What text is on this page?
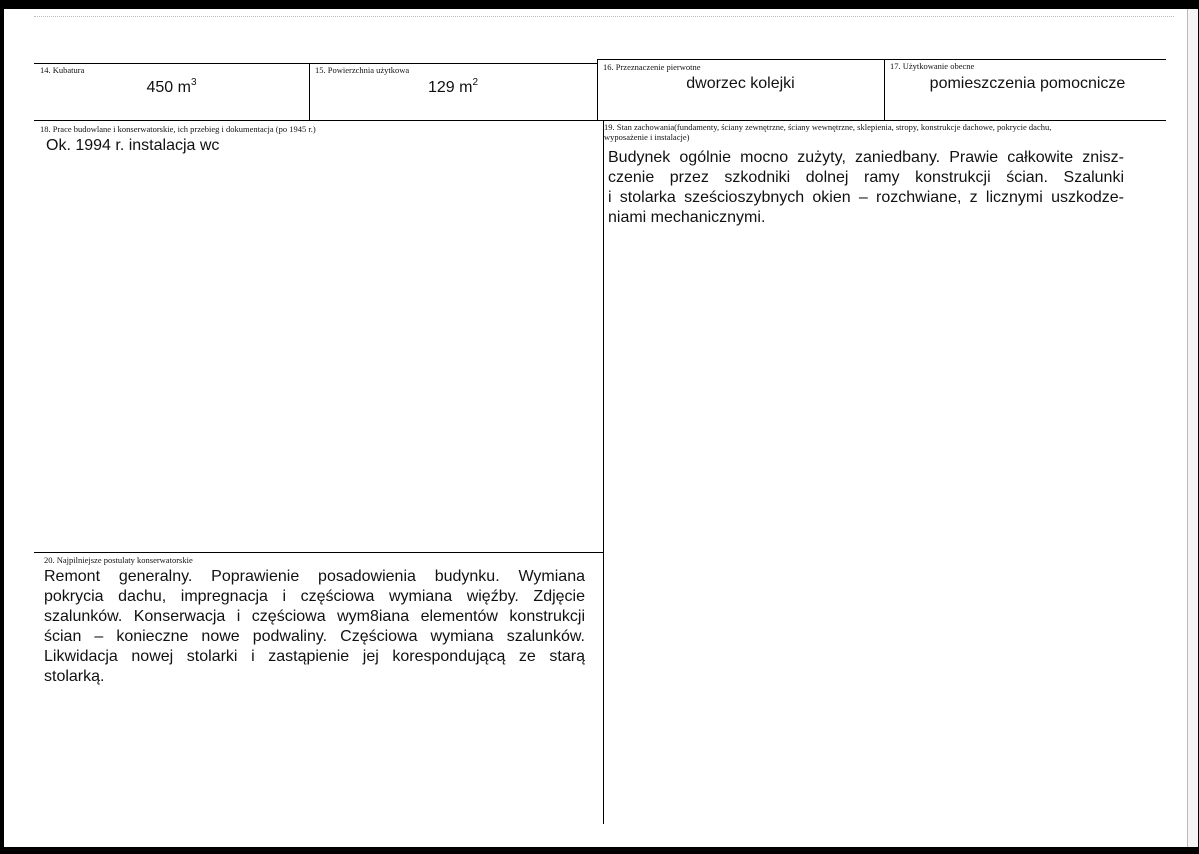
14. Kubatura
450 $m^3$
15. Powierzchnia użytkowa
129 $m^2$
16. Przeznaczenie pierwotne
dworzec kolejki
17. Użytkowanie obecne
pomieszczenia pomocnicze
18. Prace budowlane i konserwatorskie, ich przebieg i dokumentacja (po 1945 r.)
Ok. 1994 r. instalacja wc
19. Stan zachowania(fundamenty, ściany zewnętrzne, ściany wewnętrzne, sklepienia, stropy, konstrukcje dachowe, pokrycie dachu,
wyposażenie i instalacje)
Budynek ogólnie mocno zużyty, zaniedbany. Prawie całkowite znisz-
czenie przez szkodniki dolnej ramy konstrukcji ścian. Szalunki
i stolarka sześcioszybnych okien – rozchwiane, z licznymi uszkodze-
niami mechanicznymi.
20. Najpilniejsze postulaty konserwatorskie
Remont generalny. Poprawienie posadowienia budynku. Wymiana
pokrycia dachu, impregnacja i częściowa wymiana więźby. Zdjęcie
szalunków. Konserwacja i częściowa wym8iana elementów konstrukcji
ścian – konieczne nowe podwaliny. Częściowa wymiana szalunków.
Likwidacja nowej stolarki i zastąpienie jej korespondującą ze starą
stolarką.
